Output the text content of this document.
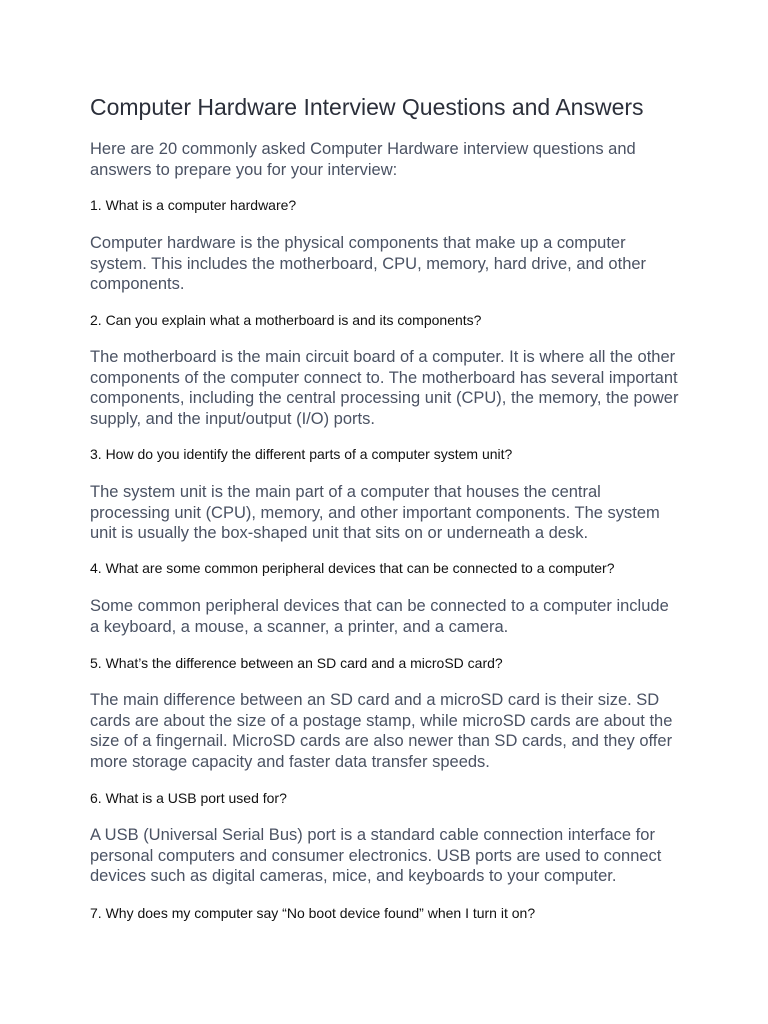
Computer Hardware Interview Questions and Answers

Here are 20 commonly asked Computer Hardware interview questions and answers to prepare you for your interview:

1. What is a computer hardware?

Computer hardware is the physical components that make up a computer system. This includes the motherboard, CPU, memory, hard drive, and other components.

2. Can you explain what a motherboard is and its components?

The motherboard is the main circuit board of a computer. It is where all the other components of the computer connect to. The motherboard has several important components, including the central processing unit (CPU), the memory, the power supply, and the input/output (I/O) ports.

3. How do you identify the different parts of a computer system unit?

The system unit is the main part of a computer that houses the central processing unit (CPU), memory, and other important components. The system unit is usually the box-shaped unit that sits on or underneath a desk.

4. What are some common peripheral devices that can be connected to a computer?

Some common peripheral devices that can be connected to a computer include a keyboard, a mouse, a scanner, a printer, and a camera.

5. What’s the difference between an SD card and a microSD card?

The main difference between an SD card and a microSD card is their size. SD cards are about the size of a postage stamp, while microSD cards are about the size of a fingernail. MicroSD cards are also newer than SD cards, and they offer more storage capacity and faster data transfer speeds.

6. What is a USB port used for?

A USB (Universal Serial Bus) port is a standard cable connection interface for personal computers and consumer electronics. USB ports are used to connect devices such as digital cameras, mice, and keyboards to your computer.

7. Why does my computer say “No boot device found” when I turn it on?
